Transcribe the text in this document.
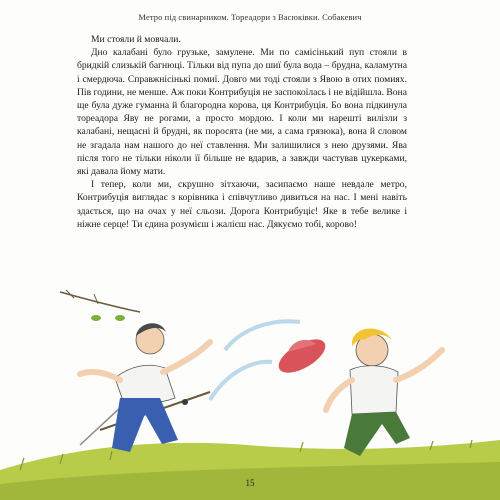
Метро під свинарником. Тореадори з Васюківки. Собакевич

Ми стояли й мовчали.

Дно калабані було грузьке, замулене. Ми по самісінький пуп стояли в бридкій слизькій багнюці. Тільки від пупа до шиї була вода – брудна, каламутна і смердюча. Справжнісінькі помиї. Довго ми тоді стояли з Явою в отих помиях. Пів години, не менше. Аж поки Контрибуція не заспокоїлась і не відійшла. Вона ще була дуже гуманна й благородна корова, ця Контрибуція. Бо вона підкинула тореадора Яву не рогами, а просто мордою. І коли ми нарешті вилізли з калабані, нещасні й брудні, як поросята (не ми, а сама грязюка), вона й словом не згадала нам нашого до неї ставлення. Ми залишилися з нею друзями. Ява після того не тільки ніколи її більше не вдарив, а завжди частував цукерками, які давала йому мати.

І тепер, коли ми, скрушно зітхаючи, засипаємо наше невдале метро, Контрибуція виглядає з корівника і співчутливо дивиться на нас. І мені навіть здається, що на очах у неї сльози. Дорога Контрибуціє! Яке в тебе велике і ніжне серце! Ти єдина розумієш і жалієш нас. Дякуємо тобі, корово!

15
